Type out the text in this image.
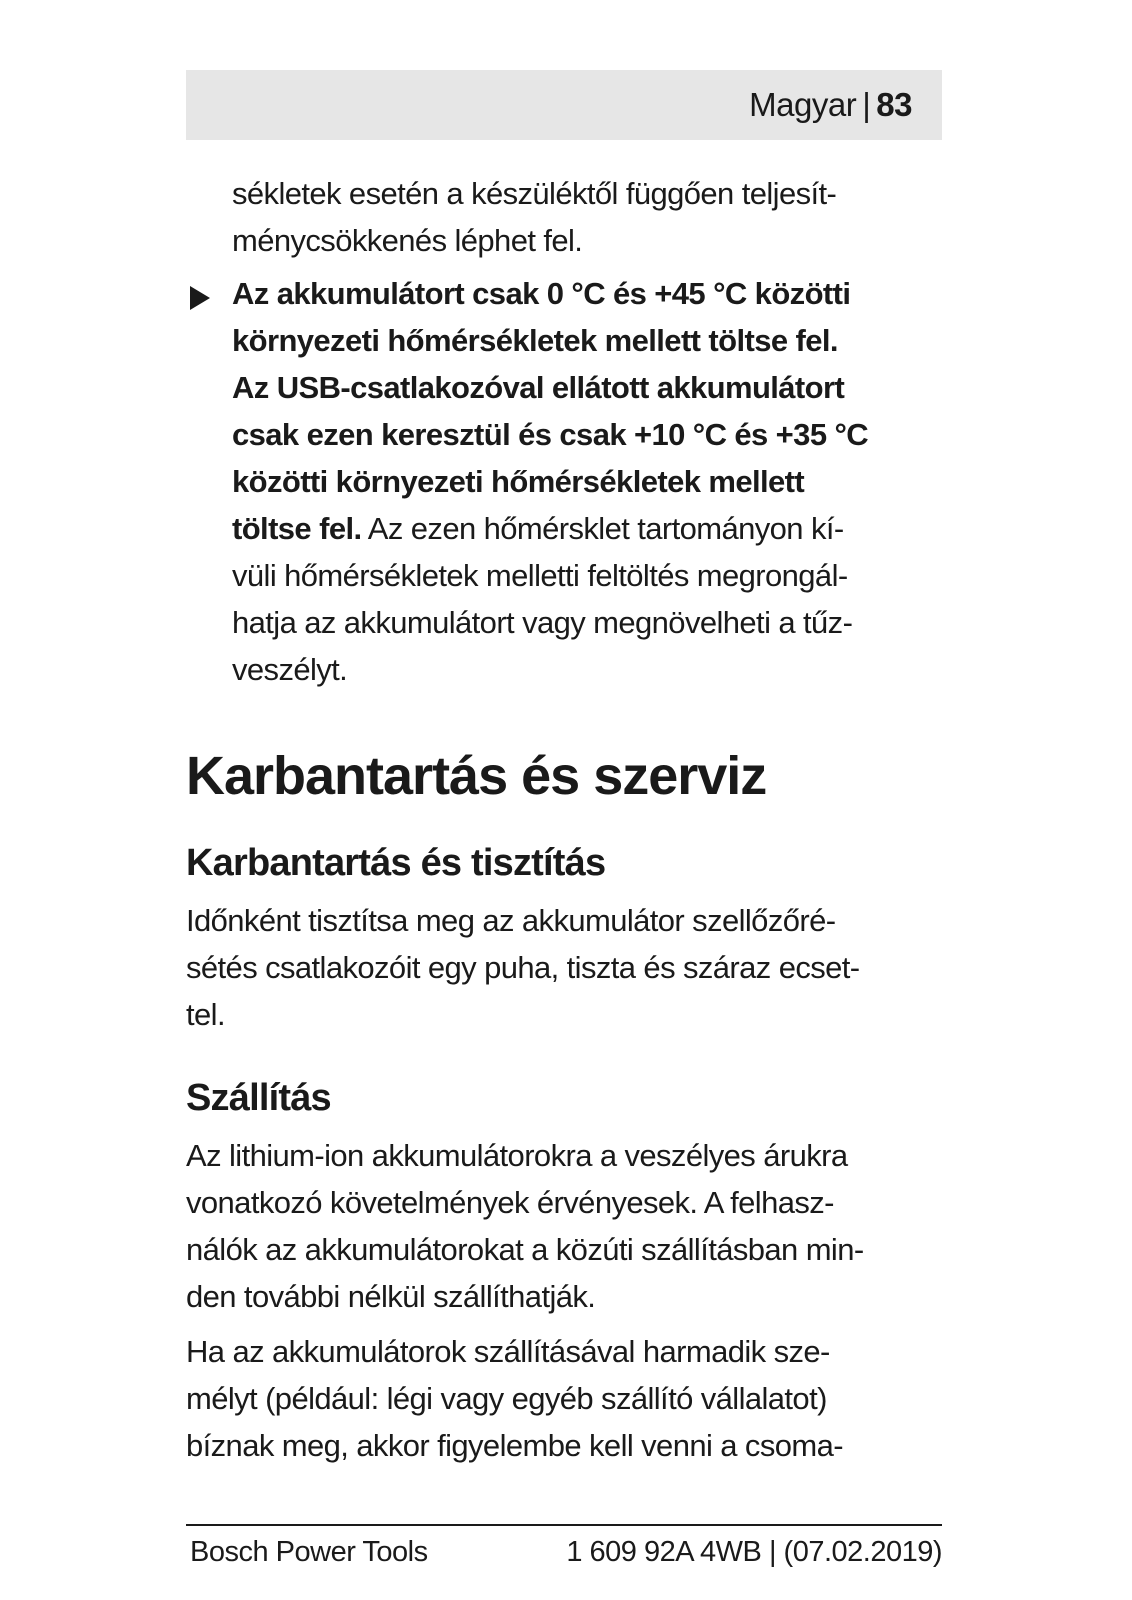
Magyar | 83
sékletek esetén a készüléktől függően teljesít-
ménycsökkenés léphet fel.
Az akkumulátort csak 0 °C és +45 °C közötti
környezeti hőmérsékletek mellett töltse fel.
Az USB-csatlakozóval ellátott akkumulátort
csak ezen keresztül és csak +10 °C és +35 °C
közötti környezeti hőmérsékletek mellett
töltse fel. Az ezen hőmérsklet tartományon kí-
vüli hőmérsékletek melletti feltöltés megrongál-
hatja az akkumulátort vagy megnövelheti a tűz-
veszélyt.
Karbantartás és szerviz
Karbantartás és tisztítás
Időnként tisztítsa meg az akkumulátor szellőzőré-
sétés csatlakozóit egy puha, tiszta és száraz ecset-
tel.
Szállítás
Az lithium-ion akkumulátorokra a veszélyes árukra
vonatkozó követelmények érvényesek. A felhasz-
nálók az akkumulátorokat a közúti szállításban min-
den további nélkül szállíthatják.
Ha az akkumulátorok szállításával harmadik sze-
mélyt (például: légi vagy egyéb szállító vállalatot)
bíznak meg, akkor figyelembe kell venni a csoma-
Bosch Power Tools	1 609 92A 4WB | (07.02.2019)
